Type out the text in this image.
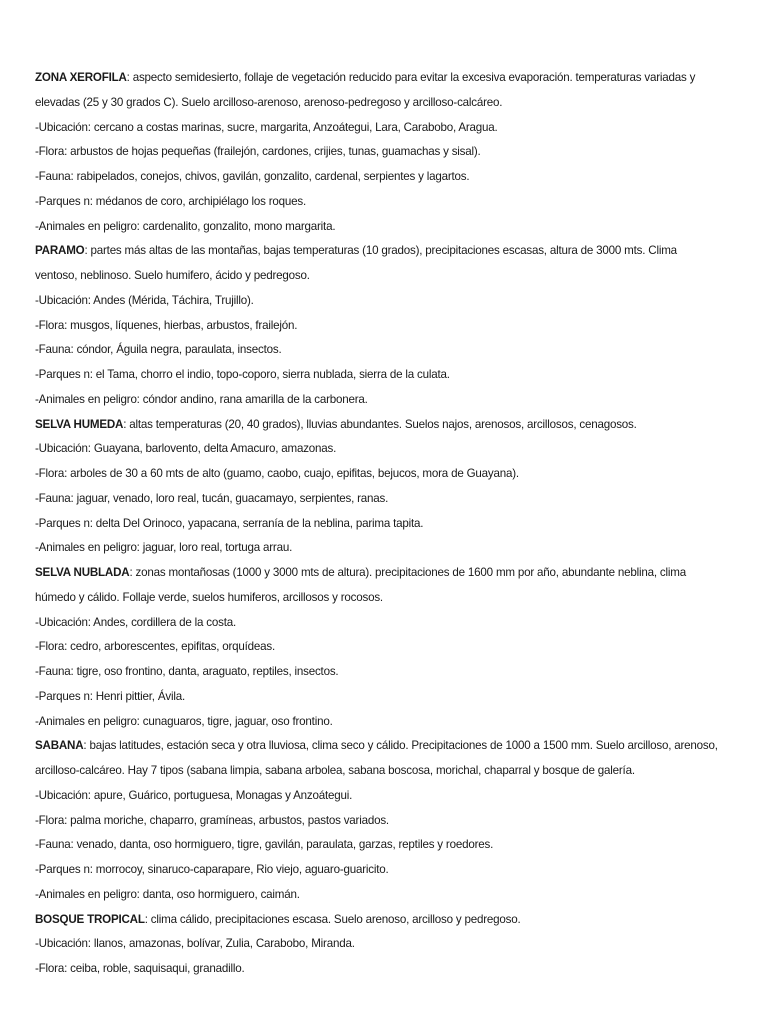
ZONA XEROFILA: aspecto semidesierto, follaje de vegetación reducido para evitar la excesiva evaporación. temperaturas variadas y
elevadas (25 y 30 grados C). Suelo arcilloso-arenoso, arenoso-pedregoso y arcilloso-calcáreo.
-Ubicación: cercano a costas marinas, sucre, margarita, Anzoátegui, Lara, Carabobo, Aragua.
-Flora: arbustos de hojas pequeñas (frailejón, cardones, crijies, tunas, guamachas y sisal).
-Fauna: rabipelados, conejos, chivos, gavilán, gonzalito, cardenal, serpientes y lagartos.
-Parques n: médanos de coro, archipiélago los roques.
-Animales en peligro: cardenalito, gonzalito, mono margarita.
PARAMO: partes más altas de las montañas, bajas temperaturas (10 grados), precipitaciones escasas, altura de 3000 mts. Clima
ventoso, neblinoso. Suelo humifero, ácido y pedregoso.
-Ubicación: Andes (Mérida, Táchira, Trujillo).
-Flora: musgos, líquenes, hierbas, arbustos, frailejón.
-Fauna: cóndor, Águila negra, paraulata, insectos.
-Parques n: el Tama, chorro el indio, topo-coporo, sierra nublada, sierra de la culata.
-Animales en peligro: cóndor andino, rana amarilla de la carbonera.
SELVA HUMEDA: altas temperaturas (20, 40 grados), lluvias abundantes. Suelos najos, arenosos, arcillosos, cenagosos.
-Ubicación: Guayana, barlovento, delta Amacuro, amazonas.
-Flora: arboles de 30 a 60 mts de alto (guamo, caobo, cuajo, epifitas, bejucos, mora de Guayana).
-Fauna: jaguar, venado, loro real, tucán, guacamayo, serpientes, ranas.
-Parques n: delta Del Orinoco, yapacana, serranía de la neblina, parima tapita.
-Animales en peligro: jaguar, loro real, tortuga arrau.
SELVA NUBLADA: zonas montañosas (1000 y 3000 mts de altura). precipitaciones de 1600 mm por año, abundante neblina, clima
húmedo y cálido. Follaje verde, suelos humiferos, arcillosos y rocosos.
-Ubicación: Andes, cordillera de la costa.
-Flora: cedro, arborescentes, epifitas, orquídeas.
-Fauna: tigre, oso frontino, danta, araguato, reptiles, insectos.
-Parques n: Henri pittier, Ávila.
-Animales en peligro: cunaguaros, tigre, jaguar, oso frontino.
SABANA: bajas latitudes, estación seca y otra lluviosa, clima seco y cálido. Precipitaciones de 1000 a 1500 mm. Suelo arcilloso, arenoso,
arcilloso-calcáreo. Hay 7 tipos (sabana limpia, sabana arbolea, sabana boscosa, morichal, chaparral y bosque de galería.
-Ubicación: apure, Guárico, portuguesa, Monagas y Anzoátegui.
-Flora: palma moriche, chaparro, gramíneas, arbustos, pastos variados.
-Fauna: venado, danta, oso hormiguero, tigre, gavilán, paraulata, garzas, reptiles y roedores.
-Parques n: morrocoy, sinaruco-caparapare, Rio viejo, aguaro-guaricito.
-Animales en peligro: danta, oso hormiguero, caimán.
BOSQUE TROPICAL: clima cálido, precipitaciones escasa. Suelo arenoso, arcilloso y pedregoso.
-Ubicación: llanos, amazonas, bolívar, Zulia, Carabobo, Miranda.
-Flora: ceiba, roble, saquisaqui, granadillo.
